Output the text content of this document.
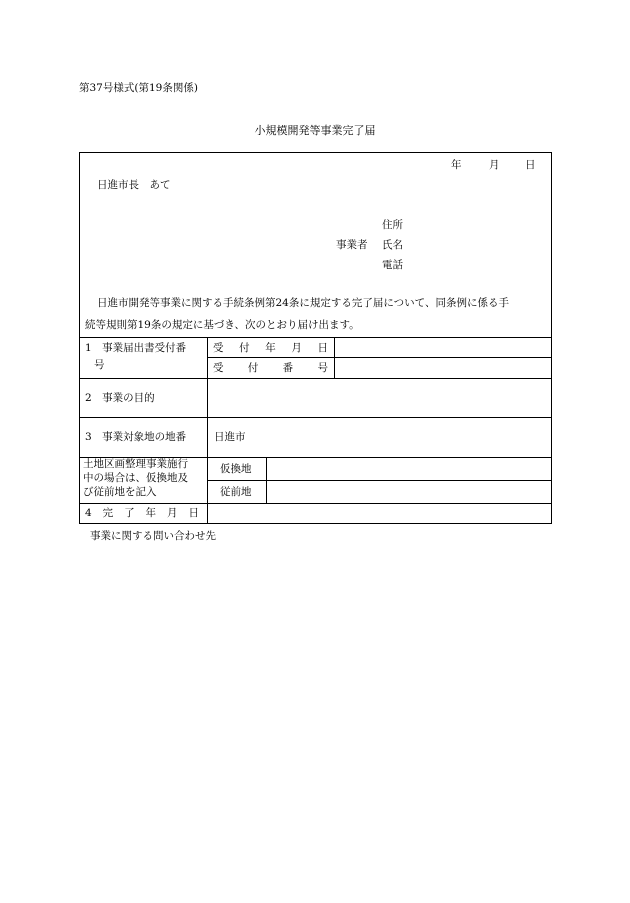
第37号様式(第19条関係)
小規模開発等事業完了届
年	月 日
日進市長　あて
住所
事業者 氏名
電話
日進市開発等事業に関する手続条例第24条に規定する完了届について、同条例に係る手
続等規則第19条の規定に基づき、次のとおり届け出ます。
1　事業届出書受付番
号
受 付 年 月 日
受 付 番 号
2　事業の目的
3　事業対象地の地番	日進市
土地区画整理事業施行
中の場合は、仮換地及
び従前地を記入
仮換地
従前地
4 完 了 年 月 日
事業に関する問い合わせ先
